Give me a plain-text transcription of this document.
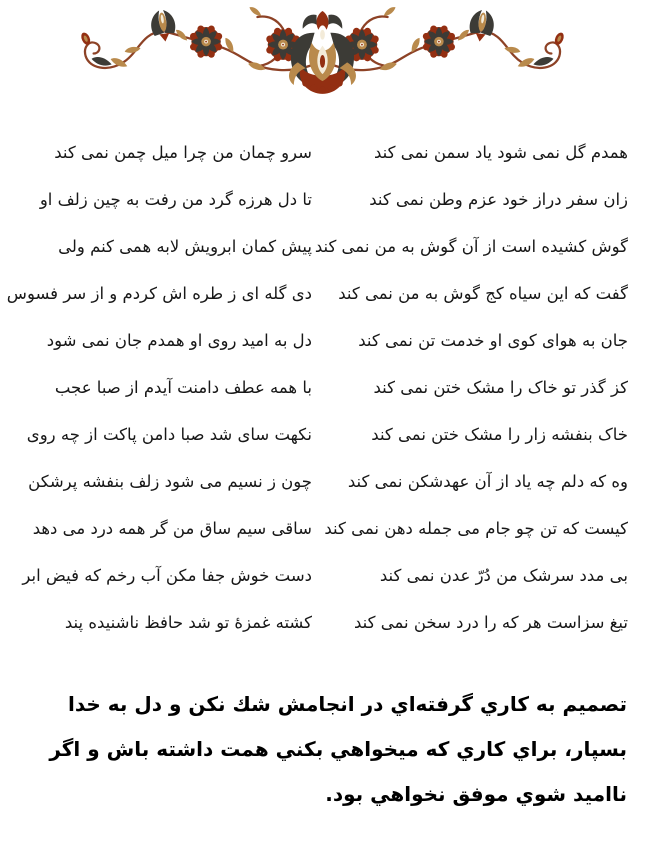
همدم گل نمی شود یاد سمن نمی کند
سرو چمان من چرا میل چمن نمی کند
زان سفر دراز خود عزم وطن نمی کند
تا دل هرزه گرد من رفت به چین زلف او
گوش کشیده است از آن گوش به من نمی کند
پیش کمان ابرویش لابه همی کنم ولی
گفت که این سیاه کج گوش به من نمی کند
دی گله ای ز طره اش کردم و از سر فسوس
جان به هوای کوی او خدمت تن نمی کند
دل به امید روی او همدم جان نمی شود
کز گذر تو خاک را مشک ختن نمی کند
با همه عطف دامنت آیدم از صبا عجب
خاک بنفشه زار را مشک ختن نمی کند
نکهت سای شد صبا دامن پاکت از چه روی
وه که دلم چه یاد از آن عهدشکن نمی کند
چون ز نسیم می شود زلف بنفشه پرشکن
کیست که تن چو جام می جمله دهن نمی کند
ساقی سیم ساق من گر همه درد می دهد
بی مدد سرشک من دُرّ عدن نمی کند
دست خوش جفا مکن آب رخم که فیض ابر
تیغ سزاست هر که را درد سخن نمی کند
کشته غمزهٔ تو شد حافظ ناشنیده پند
تصمیم به كاري گرفته‌اي در انجامش شك نكن و دل به خدا
بسپار، براي كاري كه میخواهي بكني همت داشته باش و اگر
ناامید شوي موفق نخواهي بود.
